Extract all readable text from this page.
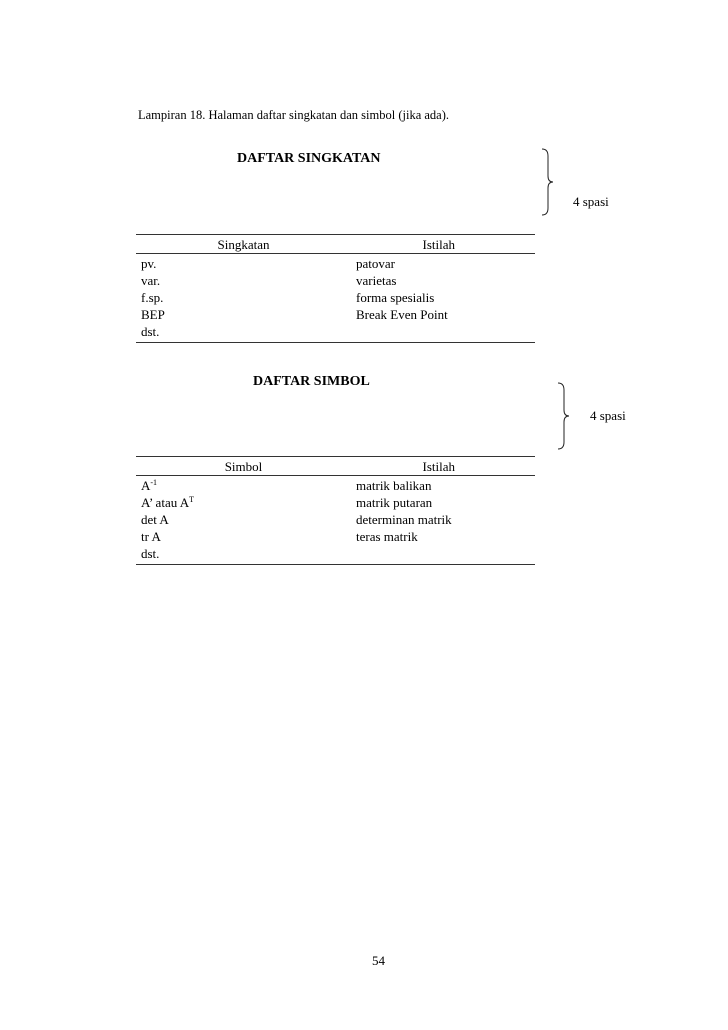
Lampiran 18. Halaman daftar singkatan dan simbol (jika ada).
DAFTAR SINGKATAN
4 spasi
Singkatan	Istilah
pv.	patovar
var.	varietas
f.sp.	forma spesialis
BEP	Break Even Point
dst.	
DAFTAR SIMBOL
4 spasi
Simbol	Istilah
$A^{-1}$	matrik balikan
A’ atau $A^T$	matrik putaran
det A	determinan matrik
tr A	teras matrik
dst.	
54
